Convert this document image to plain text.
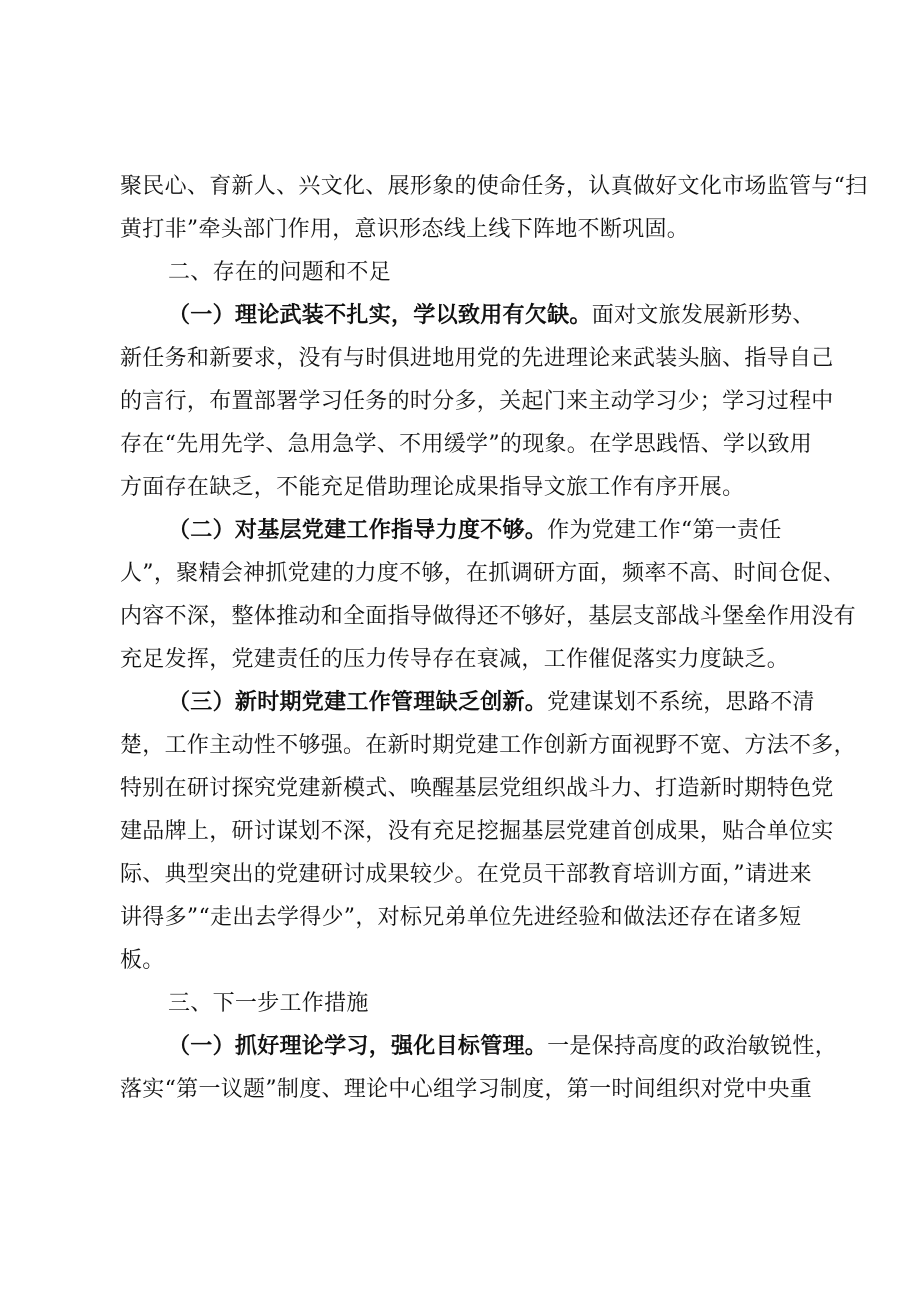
聚民心、育新人、兴文化、展形象的使命任务，认真做好文化市场监管与“扫
黄打非”牵头部门作用，意识形态线上线下阵地不断巩固。
二、存在的问题和不足
（一）理论武装不扎实，学以致用有欠缺。面对文旅发展新形势、
新任务和新要求，没有与时俱进地用党的先进理论来武装头脑、指导自己
的言行，布置部署学习任务的时分多，关起门来主动学习少；学习过程中
存在“先用先学、急用急学、不用缓学”的现象。在学思践悟、学以致用
方面存在缺乏，不能充足借助理论成果指导文旅工作有序开展。
（二）对基层党建工作指导力度不够。作为党建工作“第一责任
人”，聚精会神抓党建的力度不够，在抓调研方面，频率不高、时间仓促、
内容不深，整体推动和全面指导做得还不够好，基层支部战斗堡垒作用没有
充足发挥，党建责任的压力传导存在衰减，工作催促落实力度缺乏。
（三）新时期党建工作管理缺乏创新。党建谋划不系统，思路不清
楚，工作主动性不够强。在新时期党建工作创新方面视野不宽、方法不多，
特别在研讨探究党建新模式、唤醒基层党组织战斗力、打造新时期特色党
建品牌上，研讨谋划不深，没有充足挖掘基层党建首创成果，贴合单位实
际、典型突出的党建研讨成果较少。在党员干部教育培训方面，”请进来
讲得多”“走出去学得少”，对标兄弟单位先进经验和做法还存在诸多短
板。
三、下一步工作措施
（一）抓好理论学习，强化目标管理。一是保持高度的政治敏锐性，
落实“第一议题”制度、理论中心组学习制度，第一时间组织对党中央重
